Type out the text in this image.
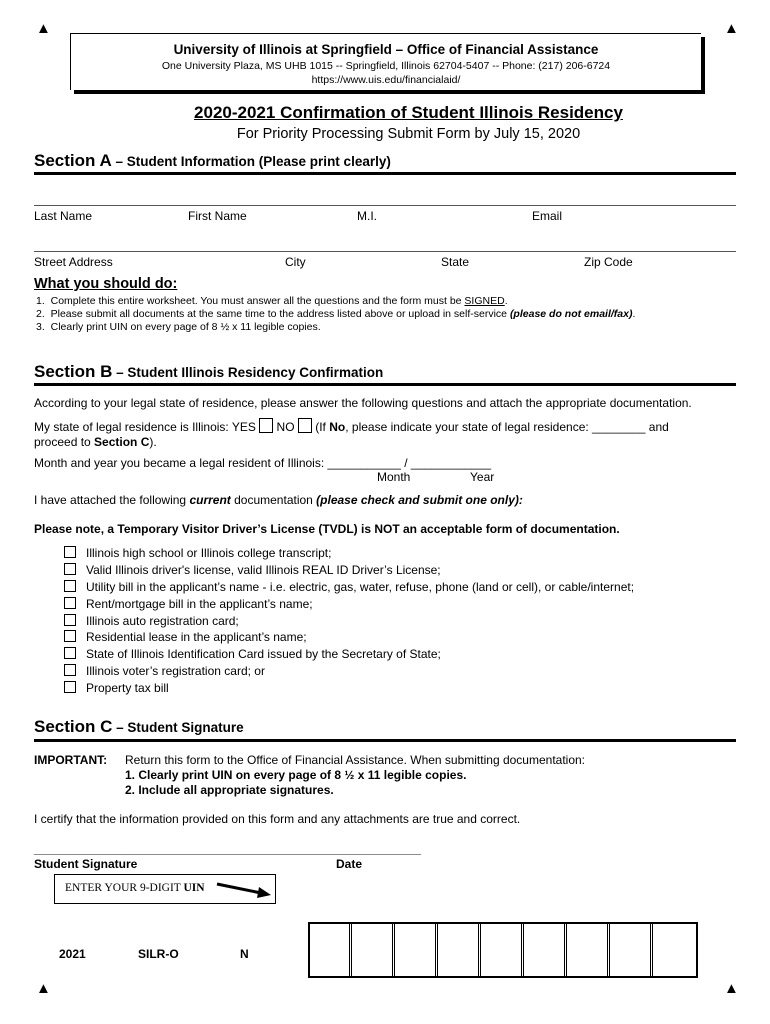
▲	▲
▲	▲
University of Illinois at Springfield – Office of Financial Assistance
One University Plaza, MS UHB 1015 -- Springfield, Illinois 62704-5407 -- Phone: (217) 206-6724
https://www.uis.edu/financialaid/
2020-2021 Confirmation of Student Illinois Residency
For Priority Processing Submit Form by July 15, 2020
Section A – Student Information (Please print clearly)
Last Name	First Name	M.I.	Email
Street Address	City	State	Zip Code
What you should do:
1. Complete this entire worksheet. You must answer all the questions and the form must be SIGNED.
2. Please submit all documents at the same time to the address listed above or upload in self-service (please do not email/fax).
3. Clearly print UIN on every page of 8 ½ x 11 legible copies.
Section B – Student Illinois Residency Confirmation
According to your legal state of residence, please answer the following questions and attach the appropriate documentation.
My state of legal residence is Illinois: YES  NO  (If No, please indicate your state of legal residence: ________ and
proceed to Section C).
Month and year you became a legal resident of Illinois: ___________ / ____________
Month	Year
I have attached the following current documentation (please check and submit one only):
Please note, a Temporary Visitor Driver’s License (TVDL) is NOT an acceptable form of documentation.
Illinois high school or Illinois college transcript;
Valid Illinois driver's license, valid Illinois REAL ID Driver’s License;
Utility bill in the applicant’s name - i.e. electric, gas, water, refuse, phone (land or cell), or cable/internet;
Rent/mortgage bill in the applicant’s name;
Illinois auto registration card;
Residential lease in the applicant’s name;
State of Illinois Identification Card issued by the Secretary of State;
Illinois voter’s registration card; or
Property tax bill
Section C – Student Signature
IMPORTANT: Return this form to the Office of Financial Assistance. When submitting documentation:
1. Clearly print UIN on every page of 8 ½ x 11 legible copies.
2. Include all appropriate signatures.
I certify that the information provided on this form and any attachments are true and correct.
__________________________________________________________
Student Signature	Date
ENTER YOUR 9-DIGIT UIN
2021	SILR-O	N
